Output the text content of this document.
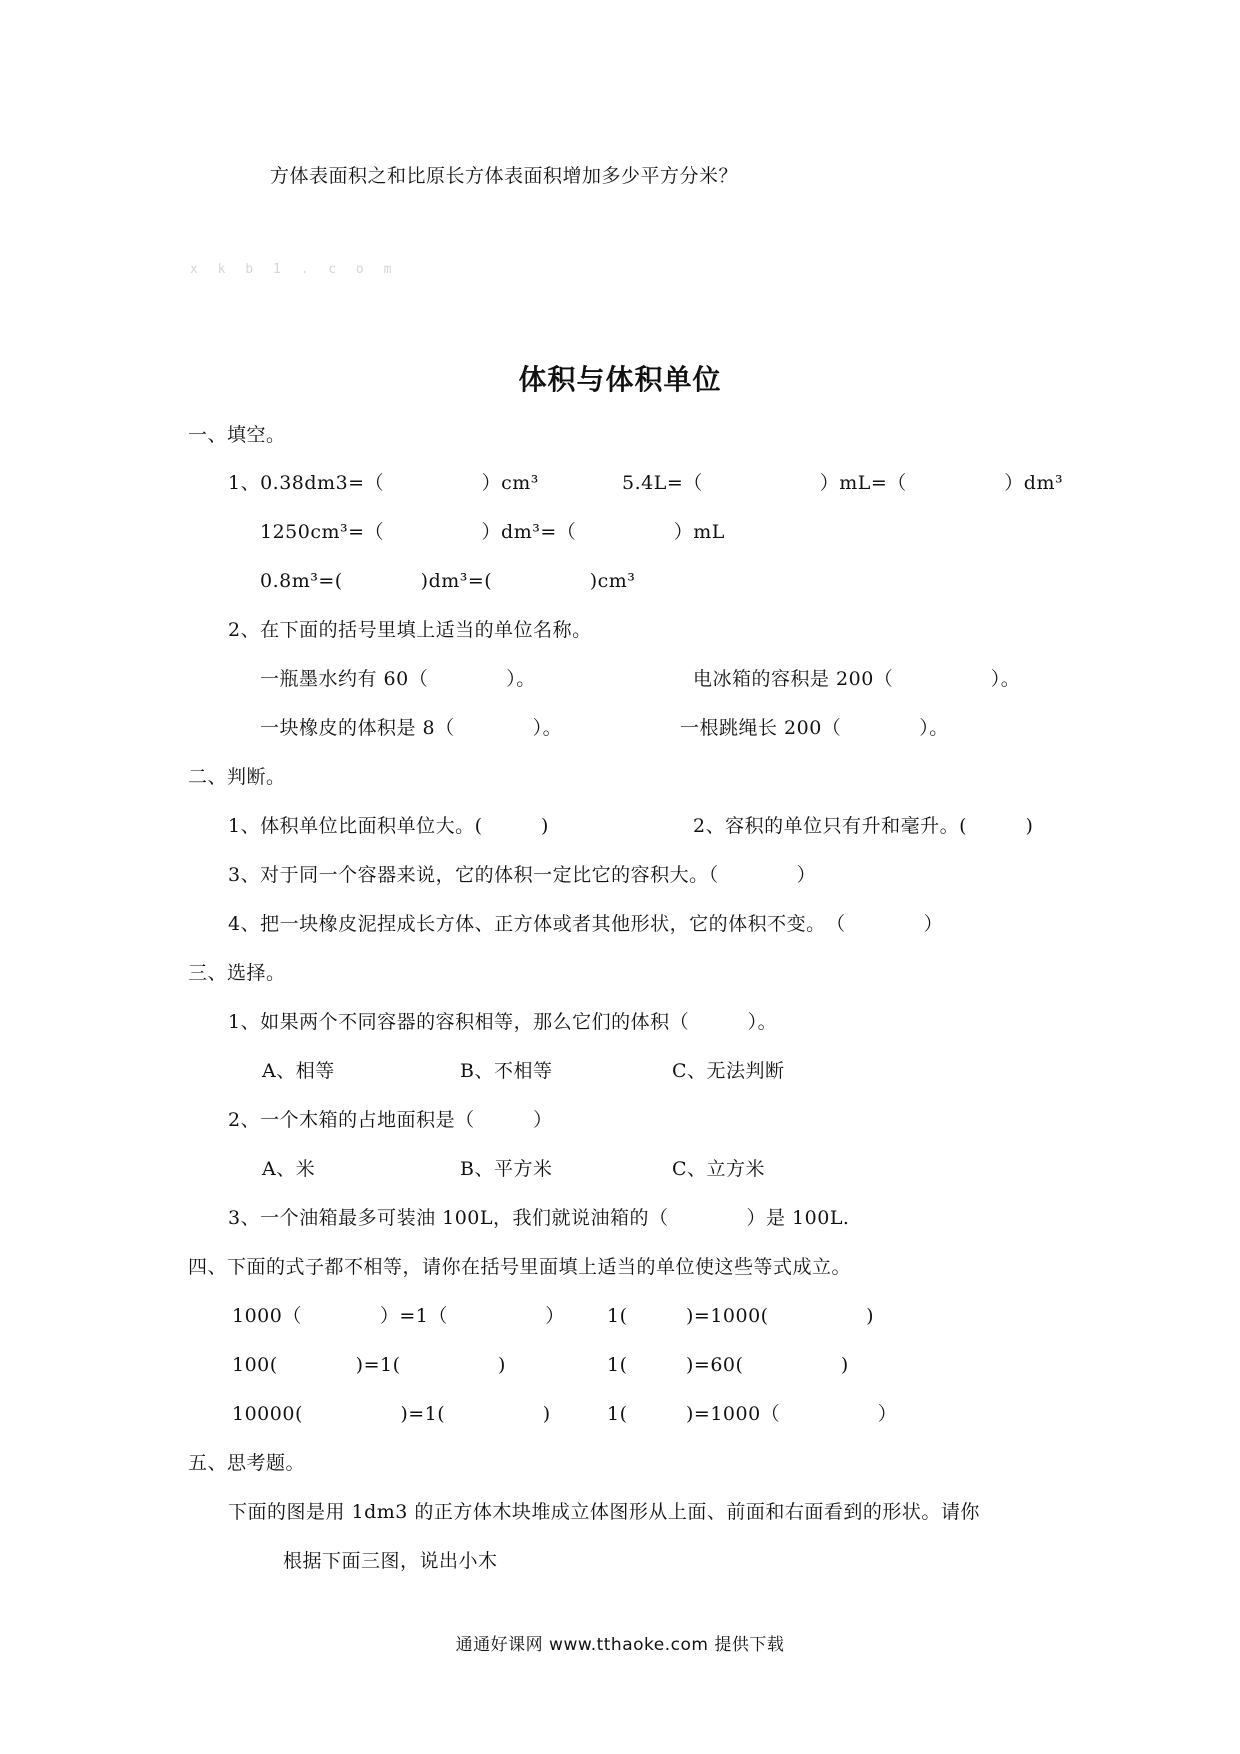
方体表面积之和比原长方体表面积增加多少平方分米？
x k b 1 . c o m
体积与体积单位
一、填空。
1、0.38dm3=（　　　　　）cm³	5.4L=（　　　　　　）mL=（　　　　　）dm³
1250cm³=（　　　　　）dm³=（　　　　　）mL
0.8m³=(　　　　)dm³=(　　　　　)cm³
2、在下面的括号里填上适当的单位名称。
一瓶墨水约有 60（　　　　）。	电冰箱的容积是 200（　　　　　）。
一块橡皮的体积是 8（　　　　）。	一根跳绳长 200（　　　　）。
二、判断。
1、体积单位比面积单位大。(　　　)	2、容积的单位只有升和毫升。(　　　)
3、对于同一个容器来说，它的体积一定比它的容积大。（　　　　）
4、把一块橡皮泥捏成长方体、正方体或者其他形状，它的体积不变。　（　　　　）
三、选择。
1、如果两个不同容器的容积相等，那么它们的体积（　　　）。
A、相等	B、不相等	C、无法判断
2、一个木箱的占地面积是（　　　）
A、米	B、平方米	C、立方米
3、一个油箱最多可装油 100L，我们就说油箱的（　　　　）是 100L.
四、下面的式子都不相等，请你在括号里面填上适当的单位使这些等式成立。
1000（　　　　）=1（　　　　　） 1(　　　)=1000(　　　　　)
100(　　　　)=1(　　　　　)	1(　　　)=60(　　　　　)
10000(　　　　　)=1(　　　　　)	1(　　　)=1000（　　　　　）
五、思考题。
下面的图是用 1dm3 的正方体木块堆成立体图形从上面、前面和右面看到的形状。请你
根据下面三图，说出小木
通通好课网 www.tthaoke.com 提供下载
